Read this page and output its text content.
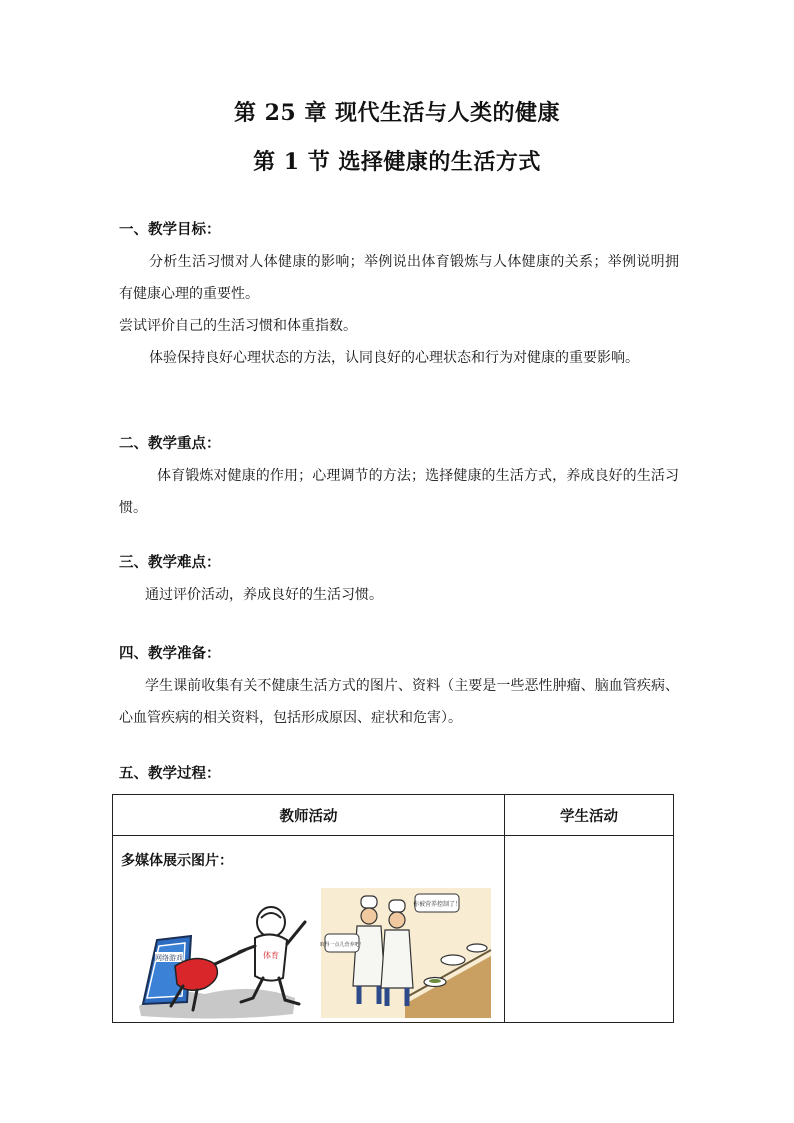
第 25 章 现代生活与人类的健康
第 1 节 选择健康的生活方式

一、教学目标：

分析生活习惯对人体健康的影响；举例说出体育锻炼与人体健康的关系；举例说明拥有健康心理的重要性。

尝试评价自己的生活习惯和体重指数。

体验保持良好心理状态的方法，认同良好的心理状态和行为对健康的重要影响。

二、教学重点：

体育锻炼对健康的作用；心理调节的方法；选择健康的生活方式，养成良好的生活习惯。

三、教学难点：

通过评价活动，养成良好的生活习惯。

四、教学准备：

学生课前收集有关不健康生活方式的图片、资料（主要是一些恶性肿瘤、脑血管疾病、心血管疾病的相关资料，包括形成原因、症状和危害）。

五、教学过程：

教师活动	学生活动

多媒体展示图片：
网络游戏 体育
你被营养控制了！
咱得一点儿营养吧！	
